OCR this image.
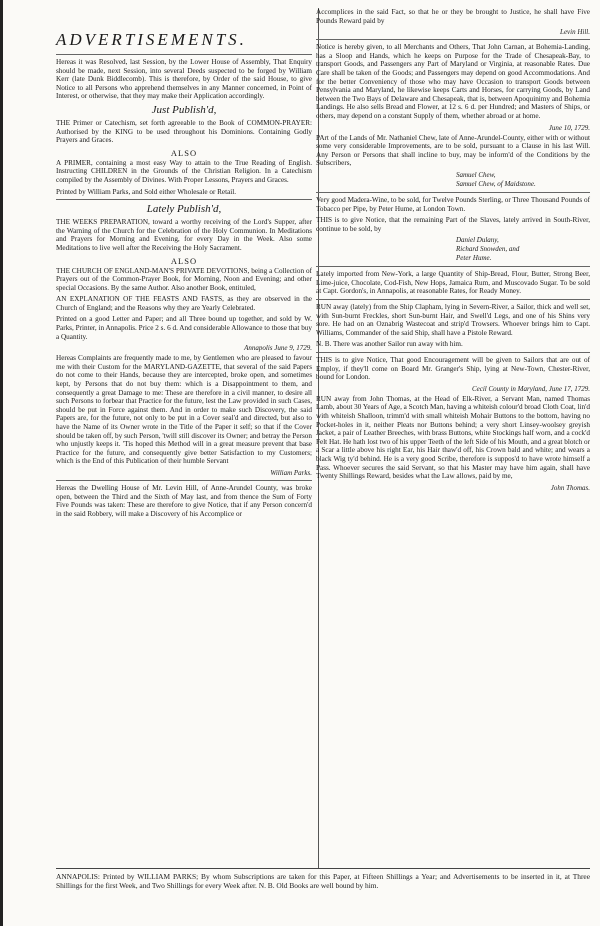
ADVERTISEMENTS.

Hereas it was Resolved, last Session, by the Lower House of Assembly, That Enquiry should be made, next Session, into several Deeds suspected to be forged by William Kerr (late Dunk Biddlecomb). This is therefore, by Order of the said House, to give Notice to all Persons who apprehend themselves in any Manner concerned, in Point of Interest, or otherwise, that they may make their Application accordingly.

Just Publish'd,

THE Primer or Catechism, set forth agreeable to the Book of COMMON-PRAYER: Authorised by the KING to be used throughout his Dominions. Containing Godly Prayers and Graces.

ALSO

A PRIMER, containing a most easy Way to attain to the True Reading of English. Instructing CHILDREN in the Grounds of the Christian Religion. In a Catechism compiled by the Assembly of Divines. With Proper Lessons, Prayers and Graces.

Printed by William Parks, and Sold either Wholesale or Retail.

Lately Publish'd,

THE WEEKS PREPARATION, toward a worthy receiving of the Lord's Supper, after the Warning of the Church for the Celebration of the Holy Communion. In Meditations and Prayers for Morning and Evening, for every Day in the Week. Also some Meditations to live well after the Receiving the Holy Sacrament.

ALSO

THE CHURCH OF ENGLAND-MAN'S PRIVATE DEVOTIONS, being a Collection of Prayers out of the Common-Prayer Book, for Morning, Noon and Evening; and other special Occasions. By the same Author. Also another Book, entituled,

AN EXPLANATION OF THE FEASTS AND FASTS, as they are observed in the Church of England; and the Reasons why they are Yearly Celebrated.

Printed on a good Letter and Paper; and all Three bound up together, and sold by W. Parks, Printer, in Annapolis. Price 2 s. 6 d. And considerable Allowance to those that buy a Quantity.

Annapolis June 9, 1729.

Hereas Complaints are frequently made to me, by Gentlemen who are pleased to favour me with their Custom for the MARYLAND-GAZETTE, that several of the said Papers do not come to their Hands, because they are intercepted, broke open, and sometimes kept, by Persons that do not buy them: which is a Disappointment to them, and consequently a great Damage to me: These are therefore in a civil manner, to desire all such Persons to forbear that Practice for the future, lest the Law provided in such Cases, should be put in Force against them. And in order to make such Discovery, the said Papers are, for the future, not only to be put in a Cover seal'd and directed, but also to have the Name of its Owner wrote in the Title of the Paper it self; so that if the Cover should be taken off, by such Person, 'twill still discover its Owner; and betray the Person who unjustly keeps it. 'Tis hoped this Method will in a great measure prevent that base Practice for the future, and consequently give better Satisfaction to my Customers; which is the End of this Publication of their humble Servant

William Parks.

Hereas the Dwelling House of Mr. Levin Hill, of Anne-Arundel County, was broke open, between the Third and the Sixth of May last, and from thence the Sum of Forty Five Pounds was taken: These are therefore to give Notice, that if any Person concern'd in the said Robbery, will make a Discovery of his Accomplice or

Accomplices in the said Fact, so that he or they be brought to Justice, he shall have Five Pounds Reward paid by

Levin Hill.

Notice is hereby given, to all Merchants and Others, That John Carnan, at Bohemia-Landing, has a Sloop and Hands, which he keeps on Purpose for the Trade of Chesapeak-Bay, to transport Goods, and Passengers any Part of Maryland or Virginia, at reasonable Rates. Due Care shall be taken of the Goods; and Passengers may depend on good Accommodations. And for the better Conveniency of those who may have Occasion to transport Goods between Pensylvania and Maryland, he likewise keeps Carts and Horses, for carrying Goods, by Land between the Two Bays of Delaware and Chesapeak, that is, between Apoquinimy and Bohemia Landings. He also sells Bread and Flower, at 12 s. 6 d. per Hundred; and Masters of Ships, or others, may depend on a constant Supply of them, whether abroad or at home.

June 10, 1729.

PArt of the Lands of Mr. Nathaniel Chew, late of Anne-Arundel-County, either with or without some very considerable Improvements, are to be sold, pursuant to a Clause in his last Will. Any Person or Persons that shall incline to buy, may be inform'd of the Conditions by the Subscribers,

Samuel Chew,
Samuel Chew, of Maidstone.

Very good Madera-Wine, to be sold, for Twelve Pounds Sterling, or Three Thousand Pounds of Tobacco per Pipe, by Peter Hume, at London Town.

THIS is to give Notice, that the remaining Part of the Slaves, lately arrived in South-River, continue to be sold, by

Daniel Dulany,
Richard Snowden, and
Peter Hume.

Lately imported from New-York, a large Quantity of Ship-Bread, Flour, Butter, Strong Beer, Lime-juice, Chocolate, Cod-Fish, New Hops, Jamaica Rum, and Muscovado Sugar. To be sold at Capt. Gordon's, in Annapolis, at reasonable Rates, for Ready Money.

RUN away (lately) from the Ship Clapham, lying in Severn-River, a Sailor, thick and well set, with Sun-burnt Freckles, short Sun-burnt Hair, and Swell'd Legs, and one of his Shins very sore. He had on an Oznabrig Wastecoat and strip'd Trowsers. Whoever brings him to Capt. Williams, Commander of the said Ship, shall have a Pistole Reward.

N. B. There was another Sailor run away with him.

THIS is to give Notice, That good Encouragement will be given to Sailors that are out of Employ, if they'll come on Board Mr. Granger's Ship, lying at New-Town, Chester-River, bound for London.

Cecil County in Maryland, June 17, 1729.

RUN away from John Thomas, at the Head of Elk-River, a Servant Man, named Thomas Lamb, about 30 Years of Age, a Scotch Man, having a whiteish colour'd broad Cloth Coat, lin'd with whiteish Shalloon, trimm'd with small whiteish Mohair Buttons to the bottom, having no Pocket-holes in it, neither Pleats nor Buttons behind; a very short Linsey-woolsey greyish Jacket, a pair of Leather Breeches, with brass Buttons, white Stockings half worn, and a cock'd Felt Hat. He hath lost two of his upper Teeth of the left Side of his Mouth, and a great blotch or a Scar a little above his right Ear, his Hair thaw'd off, his Crown bald and white; and wears a black Wig ty'd behind. He is a very good Scribe, therefore is suppos'd to have wrote himself a Pass. Whoever secures the said Servant, so that his Master may have him again, shall have Twenty Shillings Reward, besides what the Law allows, paid by me,

John Thomas.

ANNAPOLIS: Printed by WILLIAM PARKS; By whom Subscriptions are taken for this Paper, at Fifteen Shillings a Year; and Advertisements to be inserted in it, at Three Shillings for the first Week, and Two Shillings for every Week after. N. B. Old Books are well bound by him.
